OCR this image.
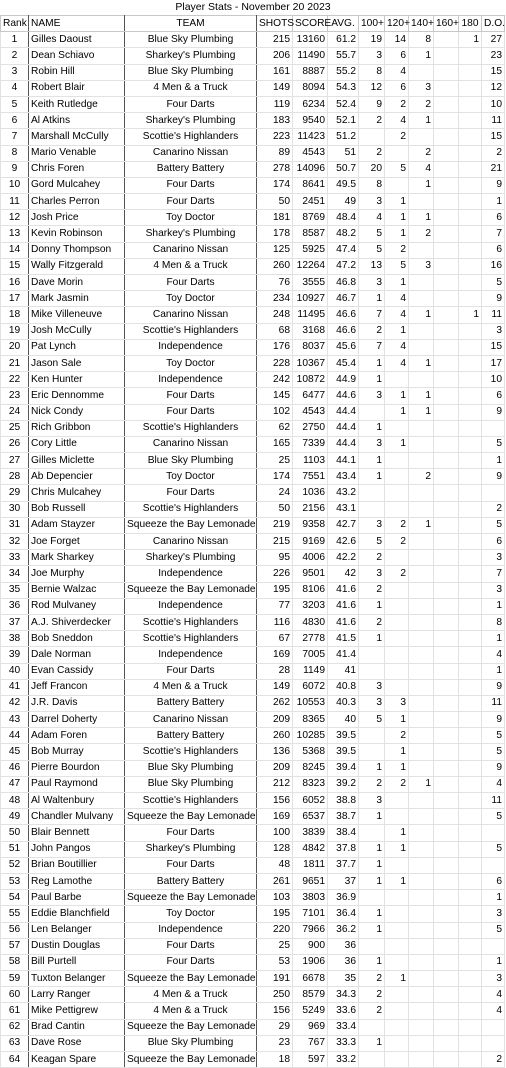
Player Stats - November 20 2023
Rank	NAME	TEAM	SHOTS	SCORE	AVG.	100+	120+	140+	160+	180	D.O.
1	Gilles Daoust	Blue Sky Plumbing	215	13160	61.2	19	14	8		1	27
2	Dean Schiavo	Sharkey's Plumbing	206	11490	55.7	3	6	1			23
3	Robin Hill	Blue Sky Plumbing	161	8887	55.2	8	4				15
4	Robert Blair	4 Men & a Truck	149	8094	54.3	12	6	3			12
5	Keith Rutledge	Four Darts	119	6234	52.4	9	2	2			10
6	Al Atkins	Sharkey's Plumbing	183	9540	52.1	2	4	1			11
7	Marshall McCully	Scottie's Highlanders	223	11423	51.2		2				15
8	Mario Venable	Canarino Nissan	89	4543	51	2		2			2
9	Chris Foren	Battery Battery	278	14096	50.7	20	5	4			21
10	Gord Mulcahey	Four Darts	174	8641	49.5	8		1			9
11	Charles Perron	Four Darts	50	2451	49	3	1				1
12	Josh Price	Toy Doctor	181	8769	48.4	4	1	1			6
13	Kevin Robinson	Sharkey's Plumbing	178	8587	48.2	5	1	2			7
14	Donny Thompson	Canarino Nissan	125	5925	47.4	5	2				6
15	Wally Fitzgerald	4 Men & a Truck	260	12264	47.2	13	5	3			16
16	Dave Morin	Four Darts	76	3555	46.8	3	1				5
17	Mark Jasmin	Toy Doctor	234	10927	46.7	1	4				9
18	Mike Villeneuve	Canarino Nissan	248	11495	46.6	7	4	1		1	11
19	Josh McCully	Scottie's Highlanders	68	3168	46.6	2	1				3
20	Pat Lynch	Independence	176	8037	45.6	7	4				15
21	Jason Sale	Toy Doctor	228	10367	45.4	1	4	1			17
22	Ken Hunter	Independence	242	10872	44.9	1					10
23	Eric Dennomme	Four Darts	145	6477	44.6	3	1	1			6
24	Nick Condy	Four Darts	102	4543	44.4		1	1			9
25	Rich Gribbon	Scottie's Highlanders	62	2750	44.4	1					
26	Cory Little	Canarino Nissan	165	7339	44.4	3	1				5
27	Gilles Miclette	Blue Sky Plumbing	25	1103	44.1	1					1
28	Ab Depencier	Toy Doctor	174	7551	43.4	1		2			9
29	Chris Mulcahey	Four Darts	24	1036	43.2						
30	Bob Russell	Scottie's Highlanders	50	2156	43.1						2
31	Adam Stayzer	Squeeze the Bay Lemonade	219	9358	42.7	3	2	1			5
32	Joe Forget	Canarino Nissan	215	9169	42.6	5	2				6
33	Mark Sharkey	Sharkey's Plumbing	95	4006	42.2	2					3
34	Joe Murphy	Independence	226	9501	42	3	2				7
35	Bernie Walzac	Squeeze the Bay Lemonade	195	8106	41.6	2					3
36	Rod Mulvaney	Independence	77	3203	41.6	1					1
37	A.J. Shiverdecker	Scottie's Highlanders	116	4830	41.6	2					8
38	Bob Sneddon	Scottie's Highlanders	67	2778	41.5	1					1
39	Dale Norman	Independence	169	7005	41.4						4
40	Evan Cassidy	Four Darts	28	1149	41						1
41	Jeff Francon	4 Men & a Truck	149	6072	40.8	3					9
42	J.R. Davis	Battery Battery	262	10553	40.3	3	3				11
43	Darrel Doherty	Canarino Nissan	209	8365	40	5	1				9
44	Adam Foren	Battery Battery	260	10285	39.5		2				5
45	Bob Murray	Scottie's Highlanders	136	5368	39.5		1				5
46	Pierre Bourdon	Blue Sky Plumbing	209	8245	39.4	1	1				9
47	Paul Raymond	Blue Sky Plumbing	212	8323	39.2	2	2	1			4
48	Al Waltenbury	Scottie's Highlanders	156	6052	38.8	3					11
49	Chandler Mulvany	Squeeze the Bay Lemonade	169	6537	38.7	1					5
50	Blair Bennett	Four Darts	100	3839	38.4		1				
51	John Pangos	Sharkey's Plumbing	128	4842	37.8	1	1				5
52	Brian Boutillier	Four Darts	48	1811	37.7	1					
53	Reg Lamothe	Battery Battery	261	9651	37	1	1				6
54	Paul Barbe	Squeeze the Bay Lemonade	103	3803	36.9						1
55	Eddie Blanchfield	Toy Doctor	195	7101	36.4	1					3
56	Len Belanger	Independence	220	7966	36.2	1					5
57	Dustin Douglas	Four Darts	25	900	36						
58	Bill Purtell	Four Darts	53	1906	36	1					1
59	Tuxton Belanger	Squeeze the Bay Lemonade	191	6678	35	2	1				3
60	Larry Ranger	4 Men & a Truck	250	8579	34.3	2					4
61	Mike Pettigrew	4 Men & a Truck	156	5249	33.6	2					4
62	Brad Cantin	Squeeze the Bay Lemonade	29	969	33.4						
63	Dave Rose	Blue Sky Plumbing	23	767	33.3	1					
64	Keagan Spare	Squeeze the Bay Lemonade	18	597	33.2						2
